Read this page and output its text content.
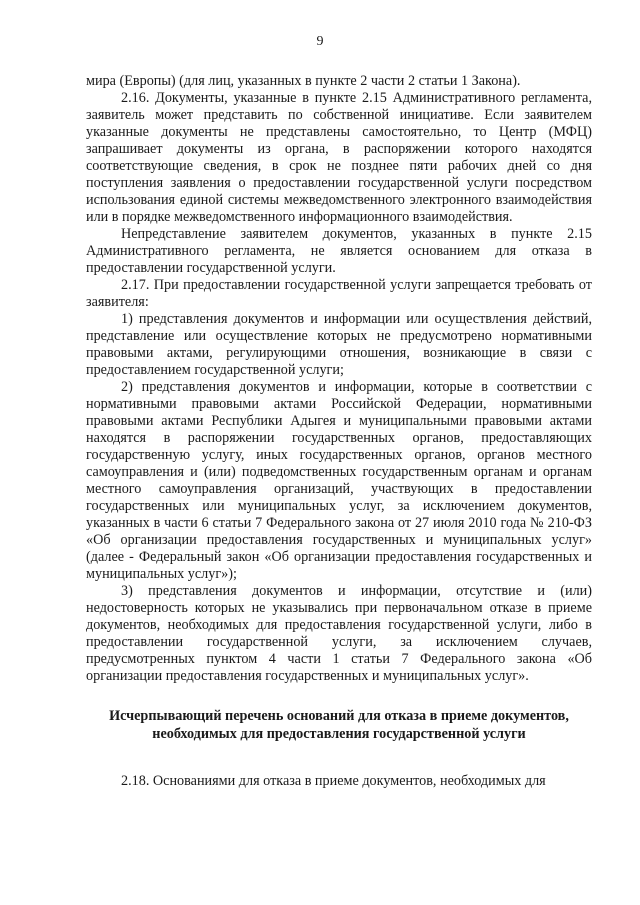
9

мира (Европы) (для лиц, указанных в пункте 2 части 2 статьи 1 Закона).

2.16. Документы, указанные в пункте 2.15 Административного регламента, заявитель может представить по собственной инициативе. Если заявителем указанные документы не представлены самостоятельно, то Центр (МФЦ) запрашивает документы из органа, в распоряжении которого находятся соответствующие сведения, в срок не позднее пяти рабочих дней со дня поступления заявления о предоставлении государственной услуги посредством использования единой системы межведомственного электронного взаимодействия или в порядке межведомственного информационного взаимодействия.

Непредставление заявителем документов, указанных в пункте 2.15 Административного регламента, не является основанием для отказа в предоставлении государственной услуги.

2.17. При предоставлении государственной услуги запрещается требовать от заявителя:

1) представления документов и информации или осуществления действий, представление или осуществление которых не предусмотрено нормативными правовыми актами, регулирующими отношения, возникающие в связи с предоставлением государственной услуги;

2) представления документов и информации, которые в соответствии с нормативными правовыми актами Российской Федерации, нормативными правовыми актами Республики Адыгея и муниципальными правовыми актами находятся в распоряжении государственных органов, предоставляющих государственную услугу, иных государственных органов, органов местного самоуправления и (или) подведомственных государственным органам и органам местного самоуправления организаций, участвующих в предоставлении государственных или муниципальных услуг, за исключением документов, указанных в части 6 статьи 7 Федерального закона от 27 июля 2010 года № 210-ФЗ «Об организации предоставления государственных и муниципальных услуг» (далее - Федеральный закон «Об организации предоставления государственных и муниципальных услуг»);

3) представления документов и информации, отсутствие и (или) недостоверность которых не указывались при первоначальном отказе в приеме документов, необходимых для предоставления государственной услуги, либо в предоставлении государственной услуги, за исключением случаев, предусмотренных пунктом 4 части 1 статьи 7 Федерального закона «Об организации предоставления государственных и муниципальных услуг».

Исчерпывающий перечень оснований для отказа в приеме документов,

необходимых для предоставления государственной услуги

2.18. Основаниями для отказа в приеме документов, необходимых для
